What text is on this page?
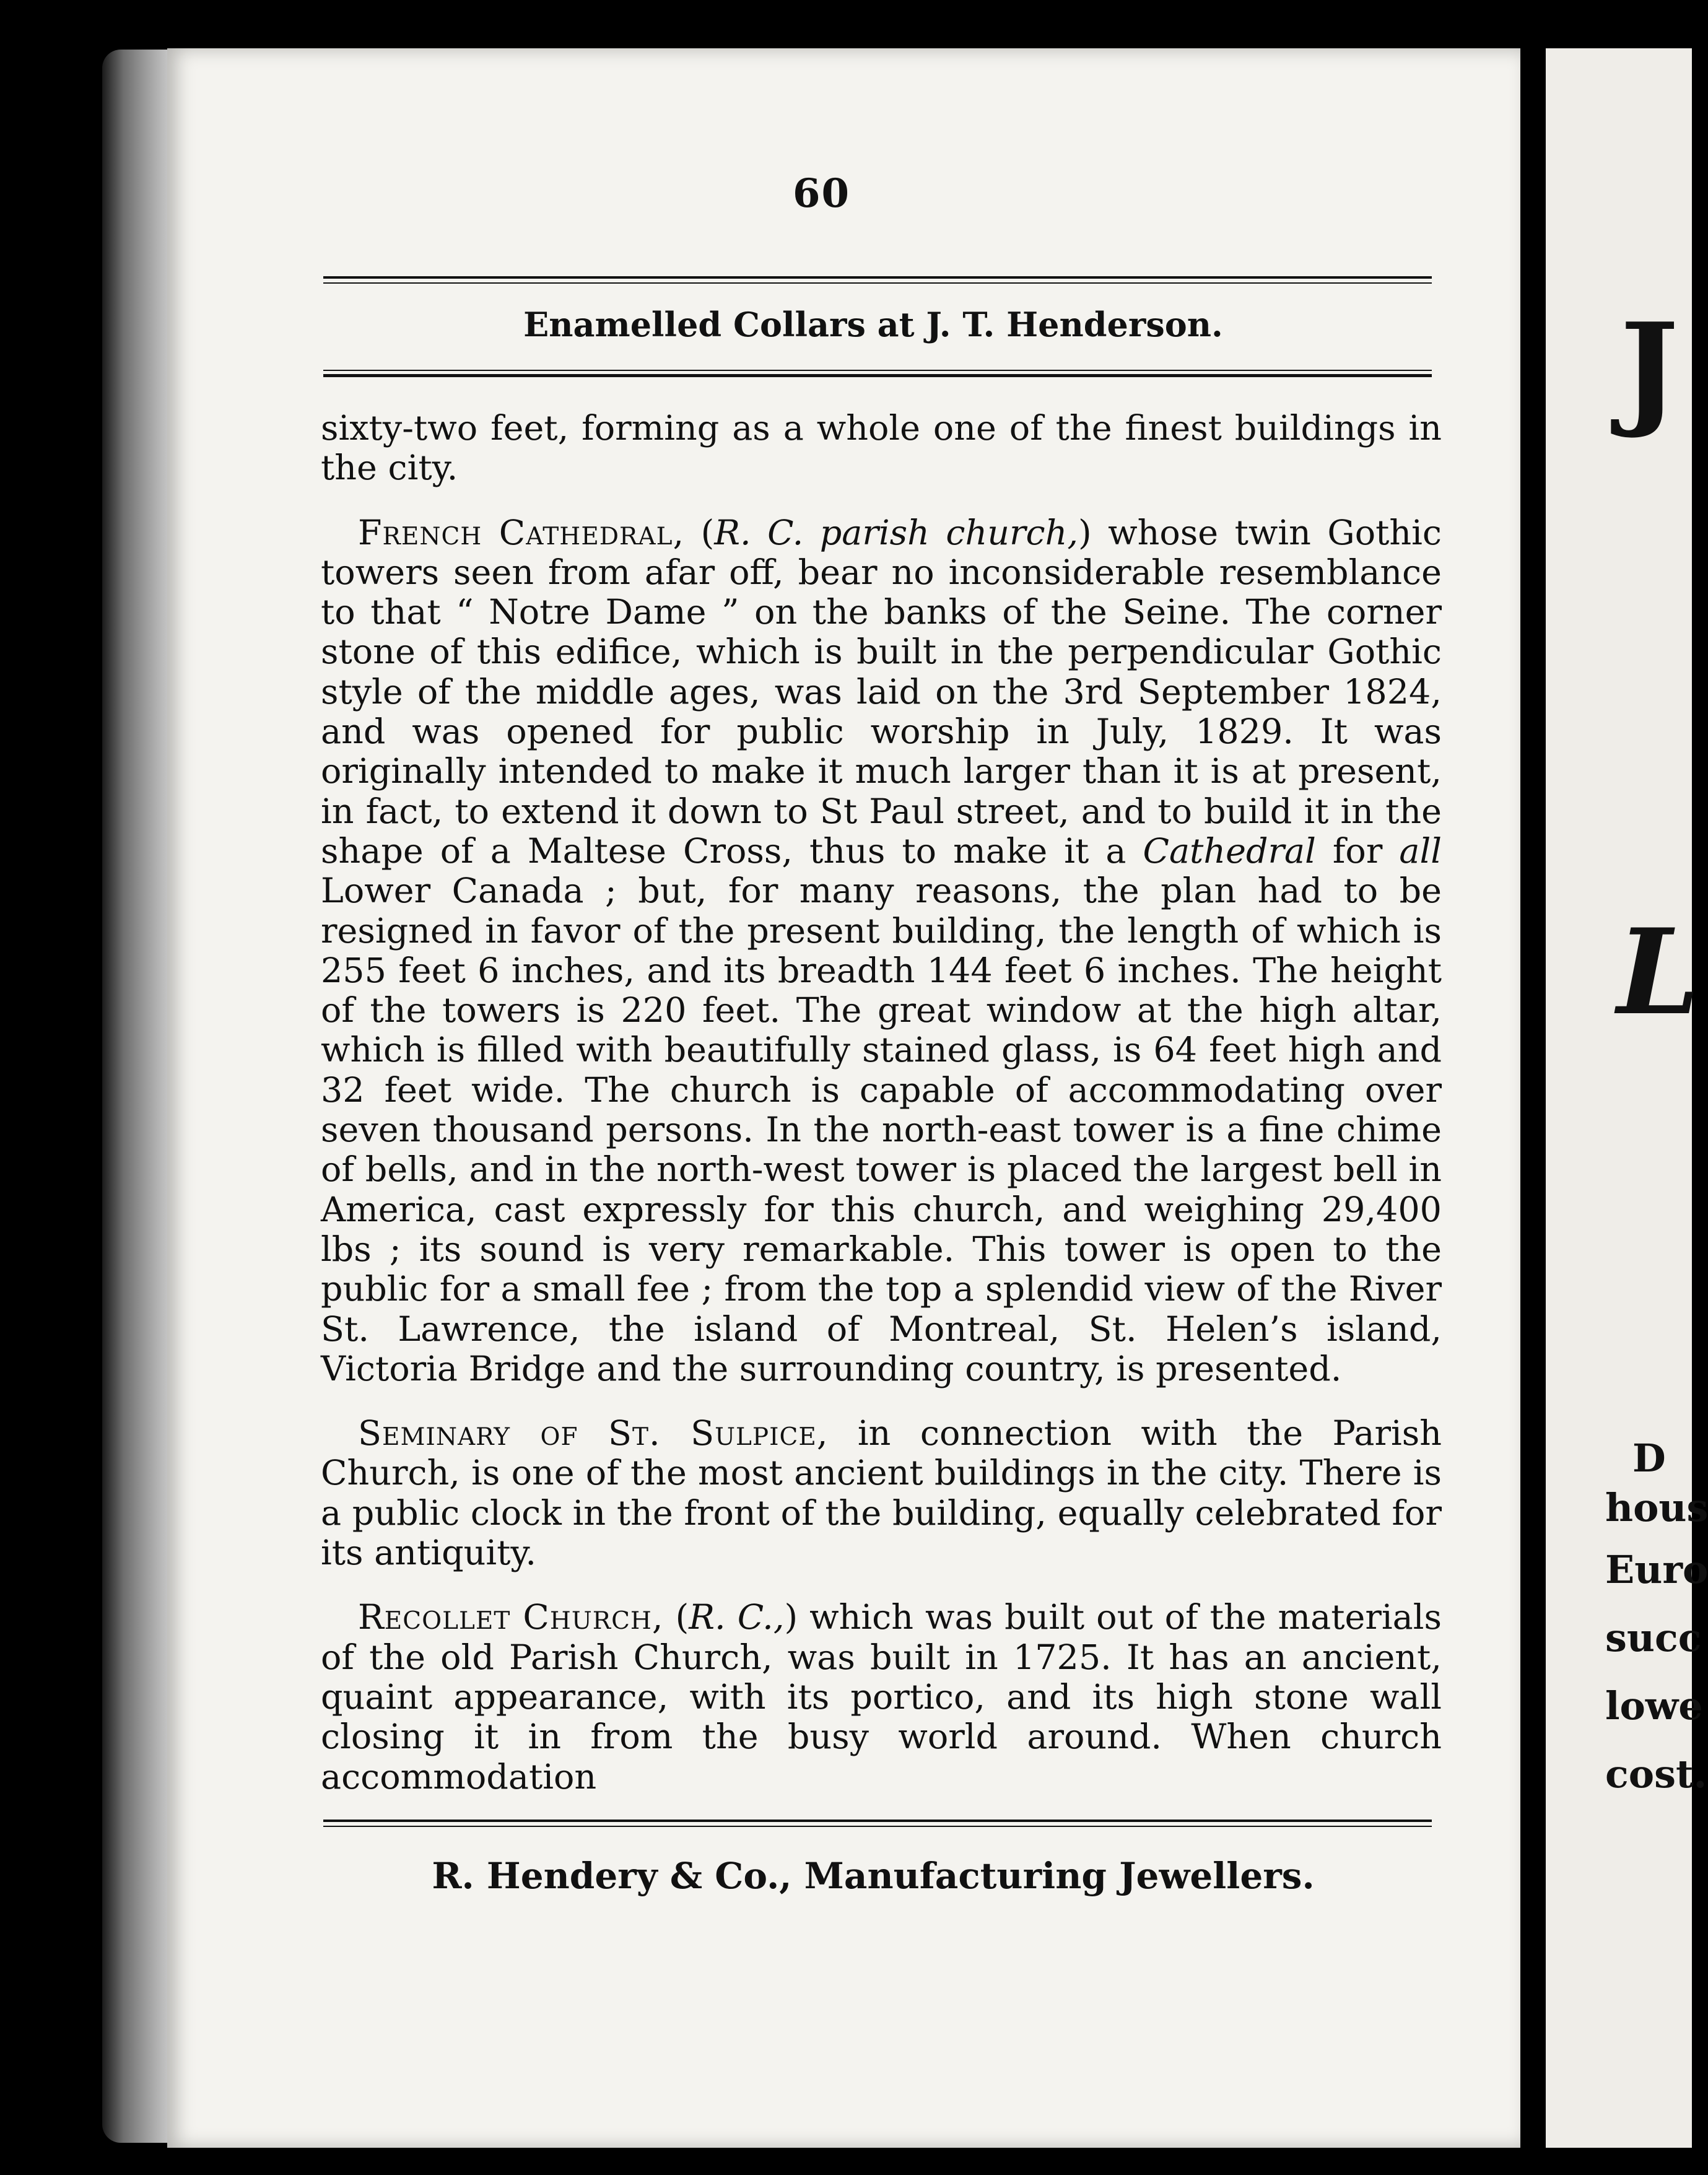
J
L
D
hous
Euro
succ
lowe
cost.
60
Enamelled Collars at J. T. Henderson.

sixty-two feet, forming as a whole one of the finest buildings in the city.

French Cathedral, (R. C. parish church,) whose twin Gothic towers seen from afar off, bear no inconsiderable resemblance to that “ Notre Dame ” on the banks of the Seine. The corner stone of this edifice, which is built in the perpendicular Gothic style of the middle ages, was laid on the 3rd September 1824, and was opened for public worship in July, 1829. It was originally intended to make it much larger than it is at present, in fact, to extend it down to St Paul street, and to build it in the shape of a Maltese Cross, thus to make it a Cathedral for all Lower Canada ; but, for many reasons, the plan had to be resigned in favor of the present building, the length of which is 255 feet 6 inches, and its breadth 144 feet 6 inches. The height of the towers is 220 feet. The great window at the high altar, which is filled with beautifully stained glass, is 64 feet high and 32 feet wide. The church is capable of accommodating over seven thousand persons. In the north-east tower is a fine chime of bells, and in the north-west tower is placed the largest bell in America, cast expressly for this church, and weighing 29,400 lbs ; its sound is very remarkable. This tower is open to the public for a small fee ; from the top a splendid view of the River St. Lawrence, the island of Montreal, St. Helen’s island, Victoria Bridge and the surrounding country, is presented.

Seminary of St. Sulpice, in connection with the Parish Church, is one of the most ancient buildings in the city. There is a public clock in the front of the building, equally celebrated for its antiquity.

Recollet Church, (R. C.,) which was built out of the materials of the old Parish Church, was built in 1725. It has an ancient, quaint appearance, with its portico, and its high stone wall closing it in from the busy world around. When church accommodation

R. Hendery & Co., Manufacturing Jewellers.
